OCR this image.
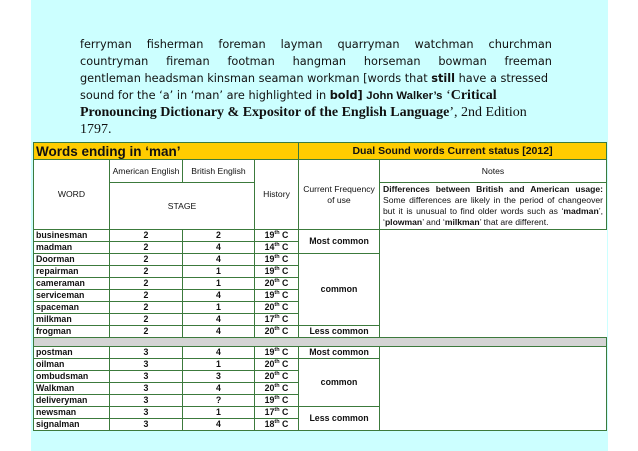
ferryman fisherman foreman layman quarryman watchman churchman
countryman fireman footman hangman horseman bowman freeman
gentleman headsman kinsman seaman workman [words that still have a stressed
sound for the ‘a’ in ‘man’ are highlighted in bold] John Walker’s ‘Critical
Pronouncing Dictionary & Expositor of the English Language’, 2nd Edition 1797.
Words ending in ‘man’				Dual Sound words Current status [2012]	
WORD	American English	British English	History	Current Frequency of use	Notes
	STAGE				Differences between British and American usage: Some differences are likely in the period of changeover but it is unusual to find older words such as ‘madman’, ‘plowman’ and ‘milkman’ that are different.
businesman	2	2	19th C	Most common	
madman	2	4	14th C		
Doorman	2	4	19th C	common	
repairman	2	1	19th C		
cameraman	2	1	20th C		
serviceman	2	4	19th C		
spaceman	2	1	20th C		
milkman	2	4	17th C		
frogman	2	4	20th C	Less common	

postman	3	4	19th C	Most common	
oilman	3	1	20th C	common	
ombudsman	3	3	20th C		
Walkman	3	4	20th C		
deliveryman	3	?	19th C		
newsman	3	1	17th C	Less common	
signalman	3	4	18th C		
